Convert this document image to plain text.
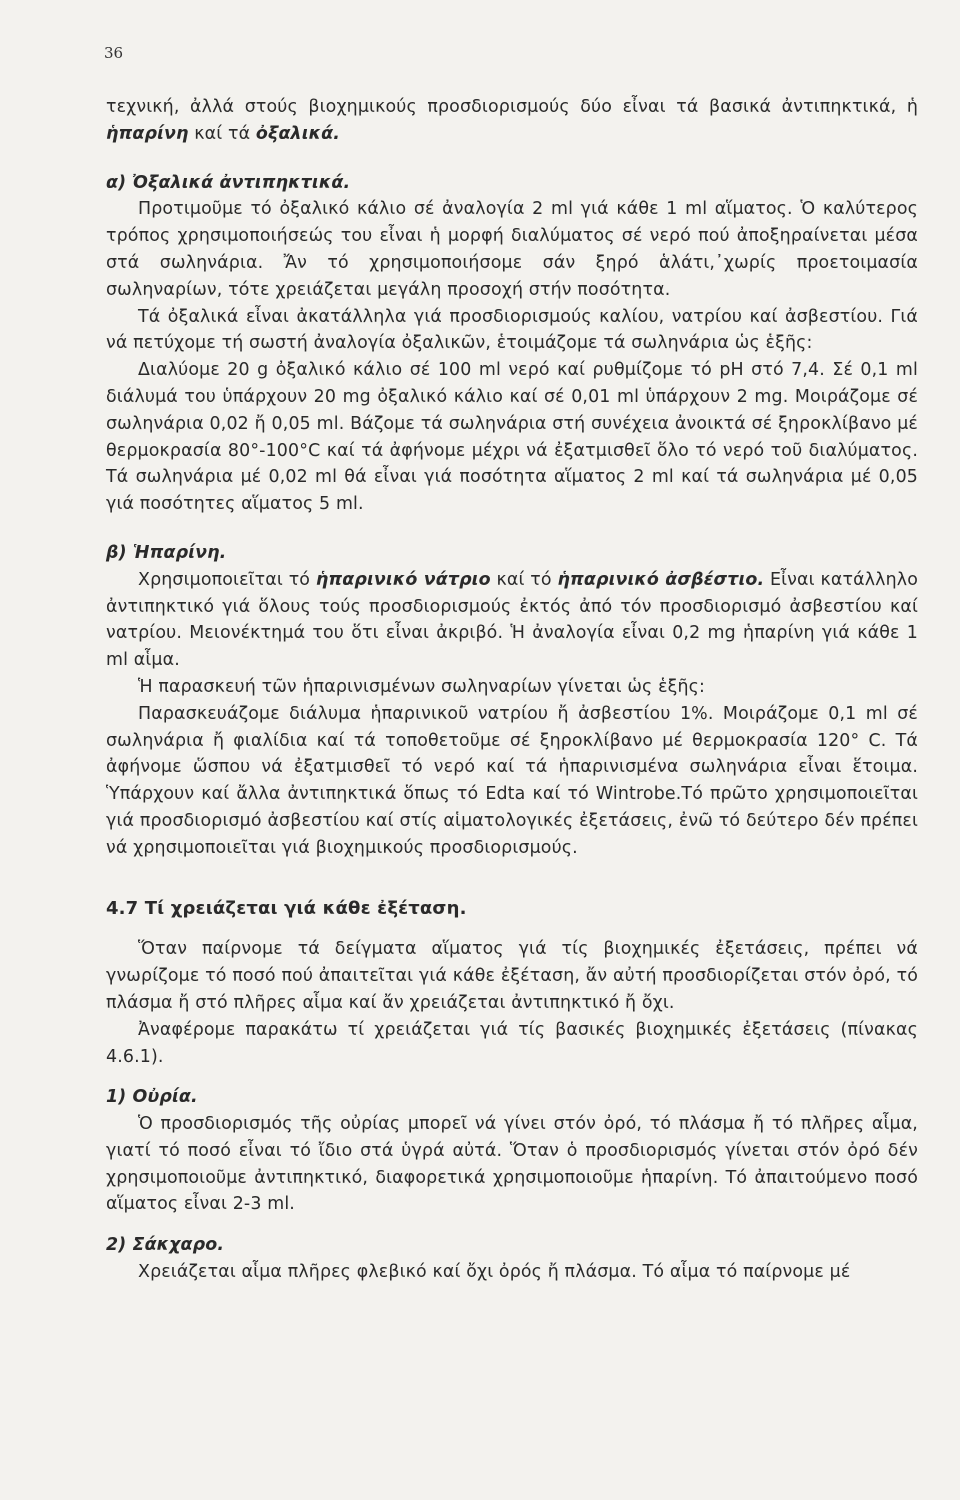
36

τεχνική, ἀλλά στούς βιοχημικούς προσδιορισμούς δύο εἶναι τά βασικά ἀντιπηκτικά, ἡ ἡπαρίνη καί τά ὀξαλικά.

α) Ὀξαλικά ἀντιπηκτικά.

Προτιμοῦμε τό ὀξαλικό κάλιο σέ ἀναλογία 2 ml γιά κάθε 1 ml αἵματος. Ὁ καλύτερος τρόπος χρησιμοποιήσεώς του εἶναι ἡ μορφή διαλύματος σέ νερό πού ἀποξηραίνεται μέσα στά σωληνάρια. Ἄν τό χρησιμοποιήσομε σάν ξηρό ἁλάτι,᾽χωρίς προετοιμασία σωληναρίων, τότε χρειάζεται μεγάλη προσοχή στήν ποσότητα.

Τά ὀξαλικά εἶναι ἀκατάλληλα γιά προσδιορισμούς καλίου, νατρίου καί ἀσβεστίου. Γιά νά πετύχομε τή σωστή ἀναλογία ὀξαλικῶν, ἑτοιμάζομε τά σωληνάρια ὡς ἑξῆς:

Διαλύομε 20 g ὀξαλικό κάλιο σέ 100 ml νερό καί ρυθμίζομε τό pH στό 7,4. Σέ 0,1 ml διάλυμά του ὑπάρχουν 20 mg ὀξαλικό κάλιο καί σέ 0,01 ml ὑπάρχουν 2 mg. Μοιράζομε σέ σωληνάρια 0,02 ἤ 0,05 ml. Βάζομε τά σωληνάρια στή συνέχεια ἀνοικτά σέ ξηροκλίβανο μέ θερμοκρασία 80°-100°C καί τά ἀφήνομε μέχρι νά ἐξατμισθεῖ ὅλο τό νερό τοῦ διαλύματος. Τά σωληνάρια μέ 0,02 ml θά εἶναι γιά ποσότητα αἵματος 2 ml καί τά σωληνάρια μέ 0,05 γιά ποσότητες αἵματος 5 ml.

β) Ἡπαρίνη.

Χρησιμοποιεῖται τό ἡπαρινικό νάτριο καί τό ἡπαρινικό ἀσβέστιο. Εἶναι κατάλληλο ἀντιπηκτικό γιά ὅλους τούς προσδιορισμούς ἐκτός ἀπό τόν προσδιορισμό ἀσβεστίου καί νατρίου. Μειονέκτημά του ὅτι εἶναι ἀκριβό. Ἡ ἀναλογία εἶναι 0,2 mg ἡπαρίνη γιά κάθε 1 ml αἷμα.

Ἡ παρασκευή τῶν ἡπαρινισμένων σωληναρίων γίνεται ὡς ἑξῆς:

Παρασκευάζομε διάλυμα ἡπαρινικοῦ νατρίου ἤ ἀσβεστίου 1%. Μοιράζομε 0,1 ml σέ σωληνάρια ἤ φιαλίδια καί τά τοποθετοῦμε σέ ξηροκλίβανο μέ θερμοκρασία 120° C. Τά ἀφήνομε ὥσπου νά ἐξατμισθεῖ τό νερό καί τά ἡπαρινισμένα σωληνάρια εἶναι ἕτοιμα. Ὑπάρχουν καί ἄλλα ἀντιπηκτικά ὅπως τό Edta καί τό Wintrobe.Τό πρῶτο χρησιμοποιεῖται γιά προσδιορισμό ἀσβεστίου καί στίς αἱματολογικές ἐξετάσεις, ἐνῶ τό δεύτερο δέν πρέπει νά χρησιμοποιεῖται γιά βιοχημικούς προσδιορισμούς.

4.7 Τί χρειάζεται γιά κάθε ἐξέταση.

Ὅταν παίρνομε τά δείγματα αἵματος γιά τίς βιοχημικές ἐξετάσεις, πρέπει νά γνωρίζομε τό ποσό πού ἀπαιτεῖται γιά κάθε ἐξέταση, ἄν αὐτή προσδιορίζεται στόν ὀρό, τό πλάσμα ἤ στό πλῆρες αἷμα καί ἄν χρειάζεται ἀντιπηκτικό ἤ ὄχι.

Ἀναφέρομε παρακάτω τί χρειάζεται γιά τίς βασικές βιοχημικές ἐξετάσεις (πίνακας 4.6.1).

1) Οὐρία.

Ὁ προσδιορισμός τῆς οὐρίας μπορεῖ νά γίνει στόν ὀρό, τό πλάσμα ἤ τό πλῆρες αἷμα, γιατί τό ποσό εἶναι τό ἴδιο στά ὑγρά αὐτά. Ὅταν ὁ προσδιορισμός γίνεται στόν ὀρό δέν χρησιμοποιοῦμε ἀντιπηκτικό, διαφορετικά χρησιμοποιοῦμε ἡπαρίνη. Τό ἀπαιτούμενο ποσό αἵματος εἶναι 2-3 ml.

2) Σάκχαρο.

Χρειάζεται αἷμα πλῆρες φλεβικό καί ὄχι ὀρός ἤ πλάσμα. Τό αἷμα τό παίρνομε μέ
